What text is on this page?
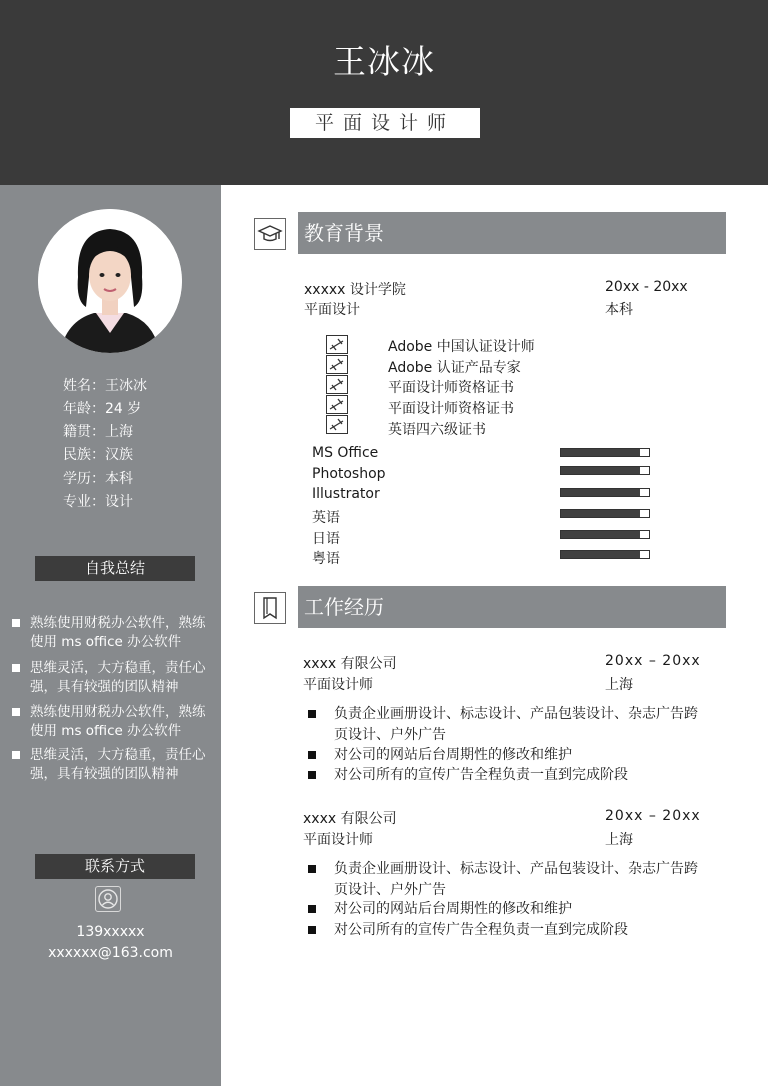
王冰冰
平面设计师
姓名：王冰冰
年龄：24 岁
籍贯：上海
民族：汉族
学历：本科
专业：设计
自我总结
熟练使用财税办公软件，熟练使用 ms office 办公软件
思维灵活，大方稳重，责任心强，具有较强的团队精神
熟练使用财税办公软件，熟练使用 ms office 办公软件
思维灵活，大方稳重，责任心强，具有较强的团队精神
联系方式
139xxxxx
xxxxxx@163.com
教育背景
xxxxx 设计学院	20xx - 20xx
平面设计	本科
Adobe 中国认证设计师
Adobe 认证产品专家
平面设计师资格证书
平面设计师资格证书
英语四六级证书
MS Office
Photoshop
Illustrator
英语
日语
粤语
工作经历
xxxx 有限公司	20xx – 20xx
平面设计师	上海
负责企业画册设计、标志设计、产品包装设计、杂志广告跨页设计、户外广告
对公司的网站后台周期性的修改和维护
对公司所有的宣传广告全程负责一直到完成阶段
xxxx 有限公司	20xx – 20xx
平面设计师	上海
负责企业画册设计、标志设计、产品包装设计、杂志广告跨页设计、户外广告
对公司的网站后台周期性的修改和维护
对公司所有的宣传广告全程负责一直到完成阶段
